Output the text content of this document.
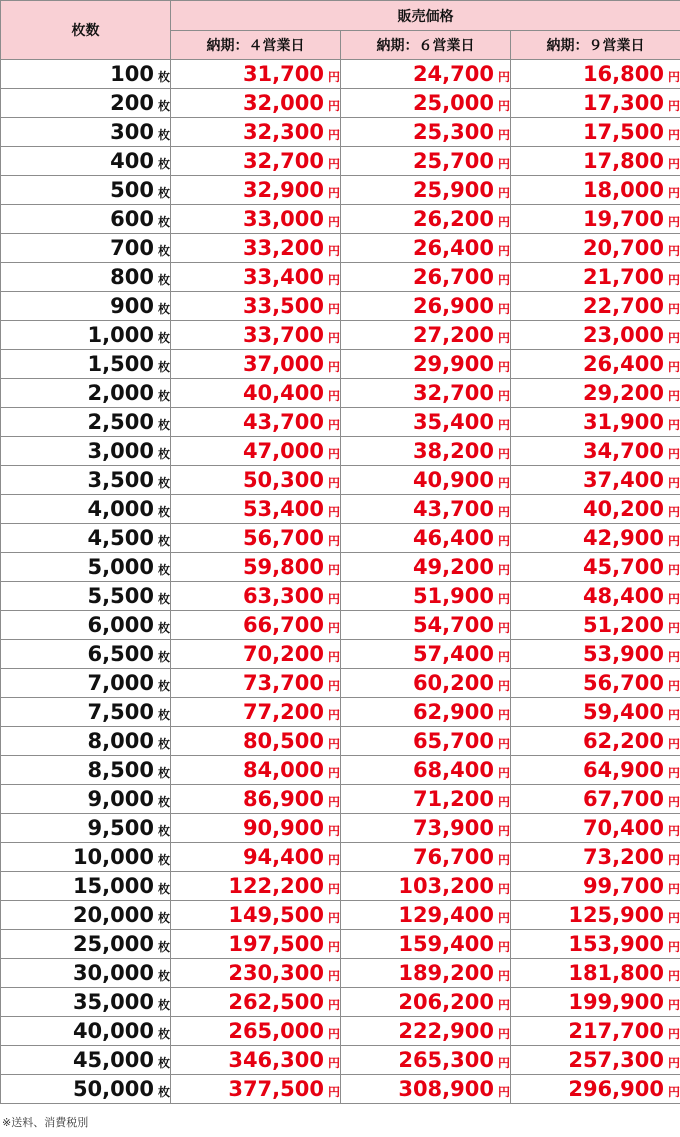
枚数	販売価格		
	納期：４営業日	納期：６営業日	納期：９営業日
100 枚	31,700 円	24,700 円	16,800 円
200 枚	32,000 円	25,000 円	17,300 円
300 枚	32,300 円	25,300 円	17,500 円
400 枚	32,700 円	25,700 円	17,800 円
500 枚	32,900 円	25,900 円	18,000 円
600 枚	33,000 円	26,200 円	19,700 円
700 枚	33,200 円	26,400 円	20,700 円
800 枚	33,400 円	26,700 円	21,700 円
900 枚	33,500 円	26,900 円	22,700 円
1,000 枚	33,700 円	27,200 円	23,000 円
1,500 枚	37,000 円	29,900 円	26,400 円
2,000 枚	40,400 円	32,700 円	29,200 円
2,500 枚	43,700 円	35,400 円	31,900 円
3,000 枚	47,000 円	38,200 円	34,700 円
3,500 枚	50,300 円	40,900 円	37,400 円
4,000 枚	53,400 円	43,700 円	40,200 円
4,500 枚	56,700 円	46,400 円	42,900 円
5,000 枚	59,800 円	49,200 円	45,700 円
5,500 枚	63,300 円	51,900 円	48,400 円
6,000 枚	66,700 円	54,700 円	51,200 円
6,500 枚	70,200 円	57,400 円	53,900 円
7,000 枚	73,700 円	60,200 円	56,700 円
7,500 枚	77,200 円	62,900 円	59,400 円
8,000 枚	80,500 円	65,700 円	62,200 円
8,500 枚	84,000 円	68,400 円	64,900 円
9,000 枚	86,900 円	71,200 円	67,700 円
9,500 枚	90,900 円	73,900 円	70,400 円
10,000 枚	94,400 円	76,700 円	73,200 円
15,000 枚	122,200 円	103,200 円	99,700 円
20,000 枚	149,500 円	129,400 円	125,900 円
25,000 枚	197,500 円	159,400 円	153,900 円
30,000 枚	230,300 円	189,200 円	181,800 円
35,000 枚	262,500 円	206,200 円	199,900 円
40,000 枚	265,000 円	222,900 円	217,700 円
45,000 枚	346,300 円	265,300 円	257,300 円
50,000 枚	377,500 円	308,900 円	296,900 円
※送料、消費税別
